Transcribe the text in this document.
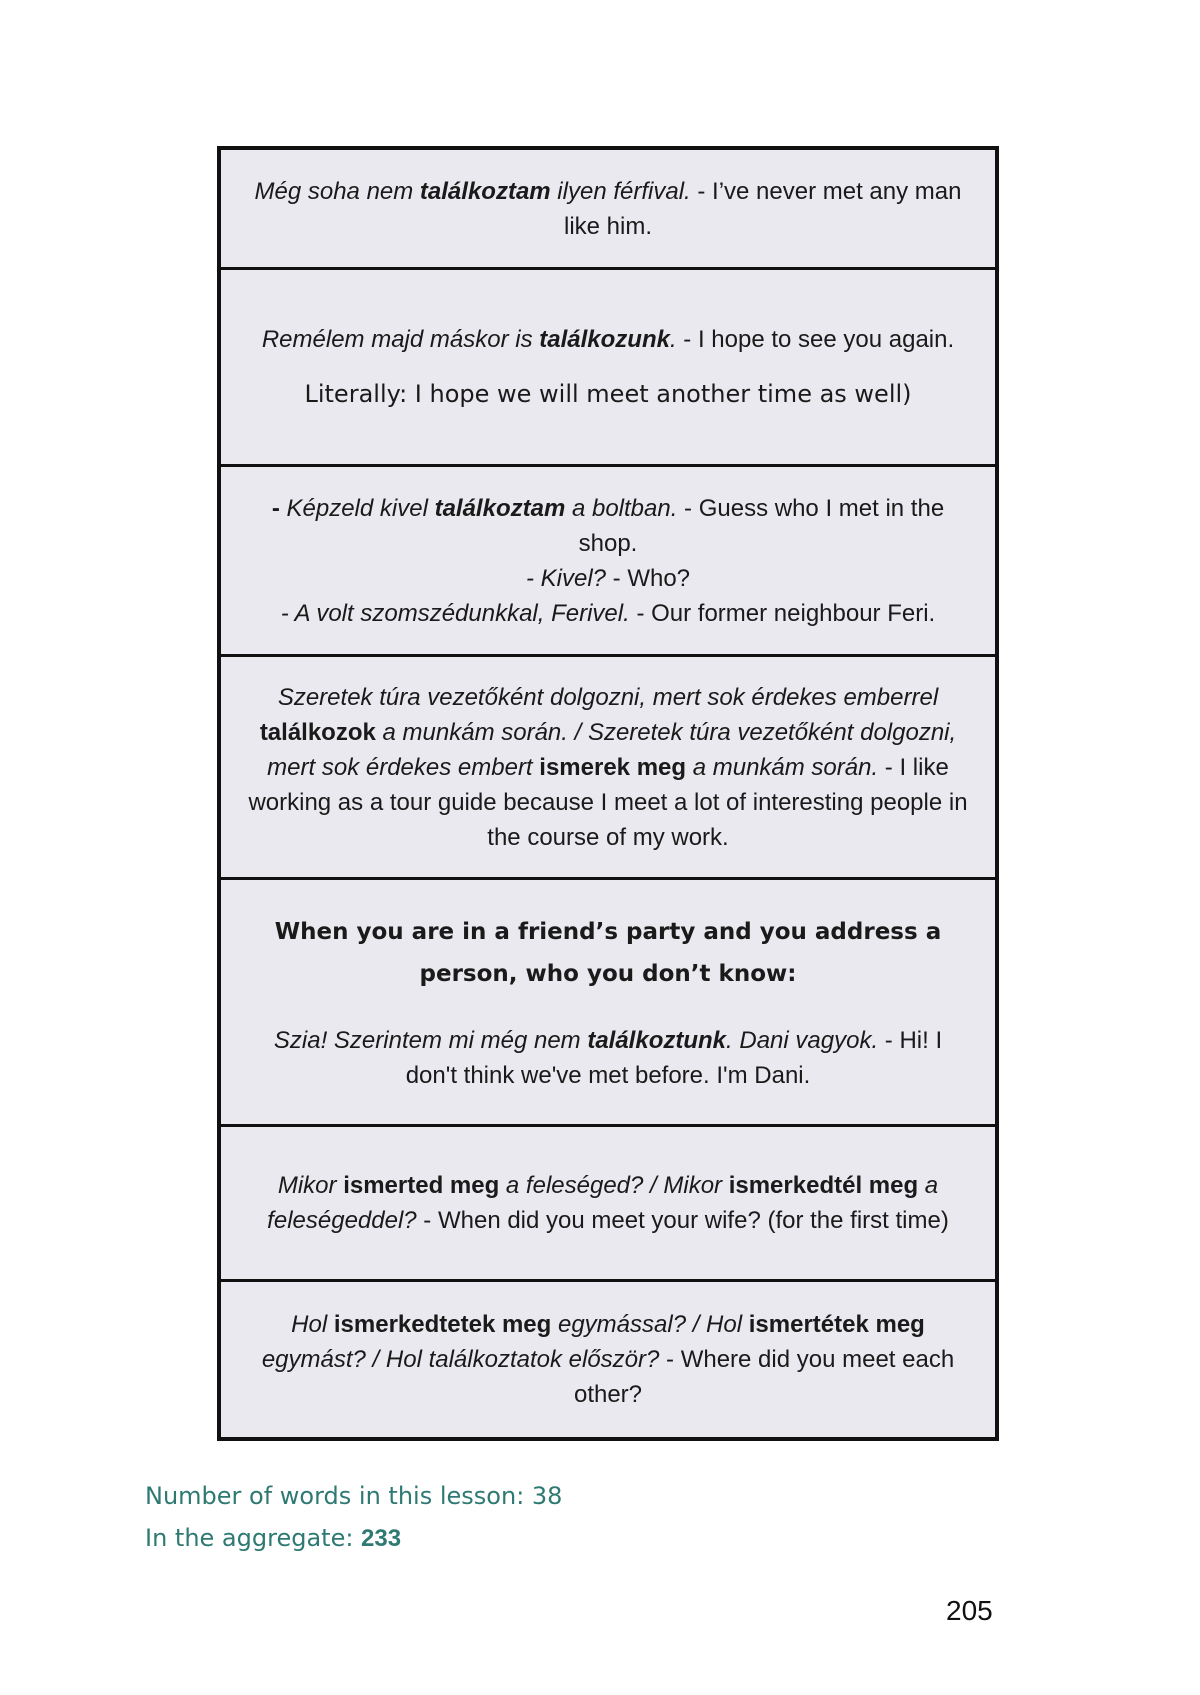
Még soha nem találkoztam ilyen férfival. - I’ve never met any man like him.
Remélem majd máskor is találkozunk. - I hope to see you again.
Literally: I hope we will meet another time as well)
- Képzeld kivel találkoztam a boltban. - Guess who I met in the shop.
- Kivel? - Who?
- A volt szomszédunkkal, Ferivel. - Our former neighbour Feri.
Szeretek túra vezetőként dolgozni, mert sok érdekes emberrel találkozok a munkám során. / Szeretek túra vezetőként dolgozni, mert sok érdekes embert ismerek meg a munkám során. - I like working as a tour guide because I meet a lot of interesting people in the course of my work.
When you are in a friend’s party and you address a person, who you don’t know:
Szia! Szerintem mi még nem találkoztunk. Dani vagyok. - Hi! I don't think we've met before. I'm Dani.
Mikor ismerted meg a feleséged? / Mikor ismerkedtél meg a feleségeddel? - When did you meet your wife? (for the first time)
Hol ismerkedtetek meg egymással? / Hol ismertétek meg egymást? / Hol találkoztatok először? - Where did you meet each other?
Number of words in this lesson: 38
In the aggregate: 233
205
